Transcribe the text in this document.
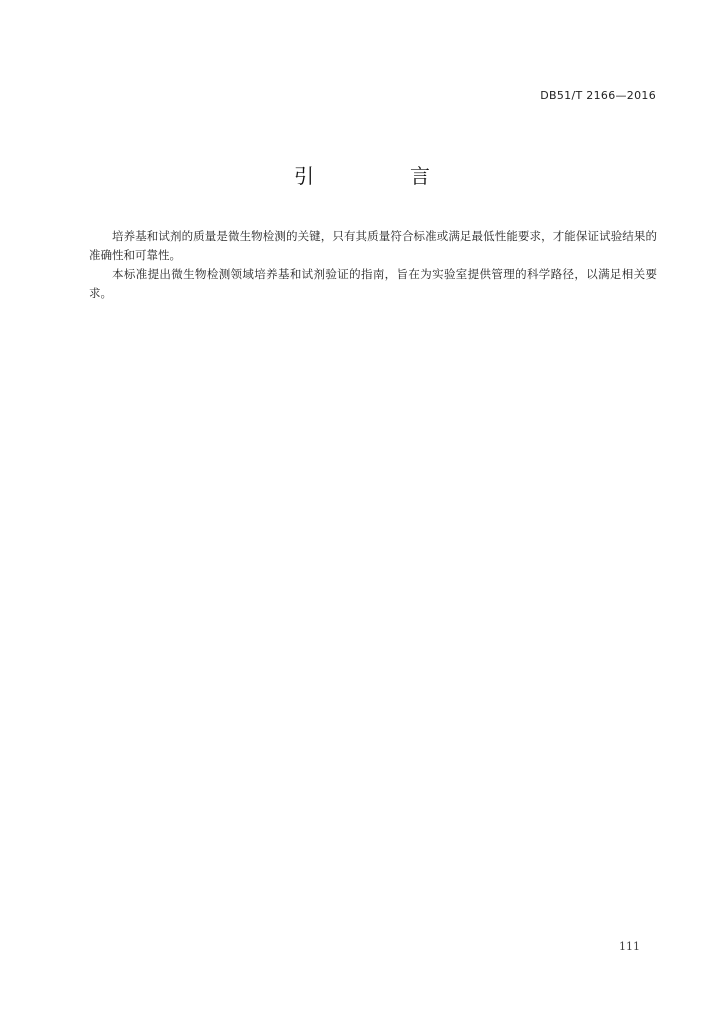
DB51/T 2166—2016
引　言

培养基和试剂的质量是微生物检测的关键，只有其质量符合标准或满足最低性能要求，才能保证试验结果的准确性和可靠性。

本标准提出微生物检测领域培养基和试剂验证的指南，旨在为实验室提供管理的科学路径，以满足相关要求。

111
